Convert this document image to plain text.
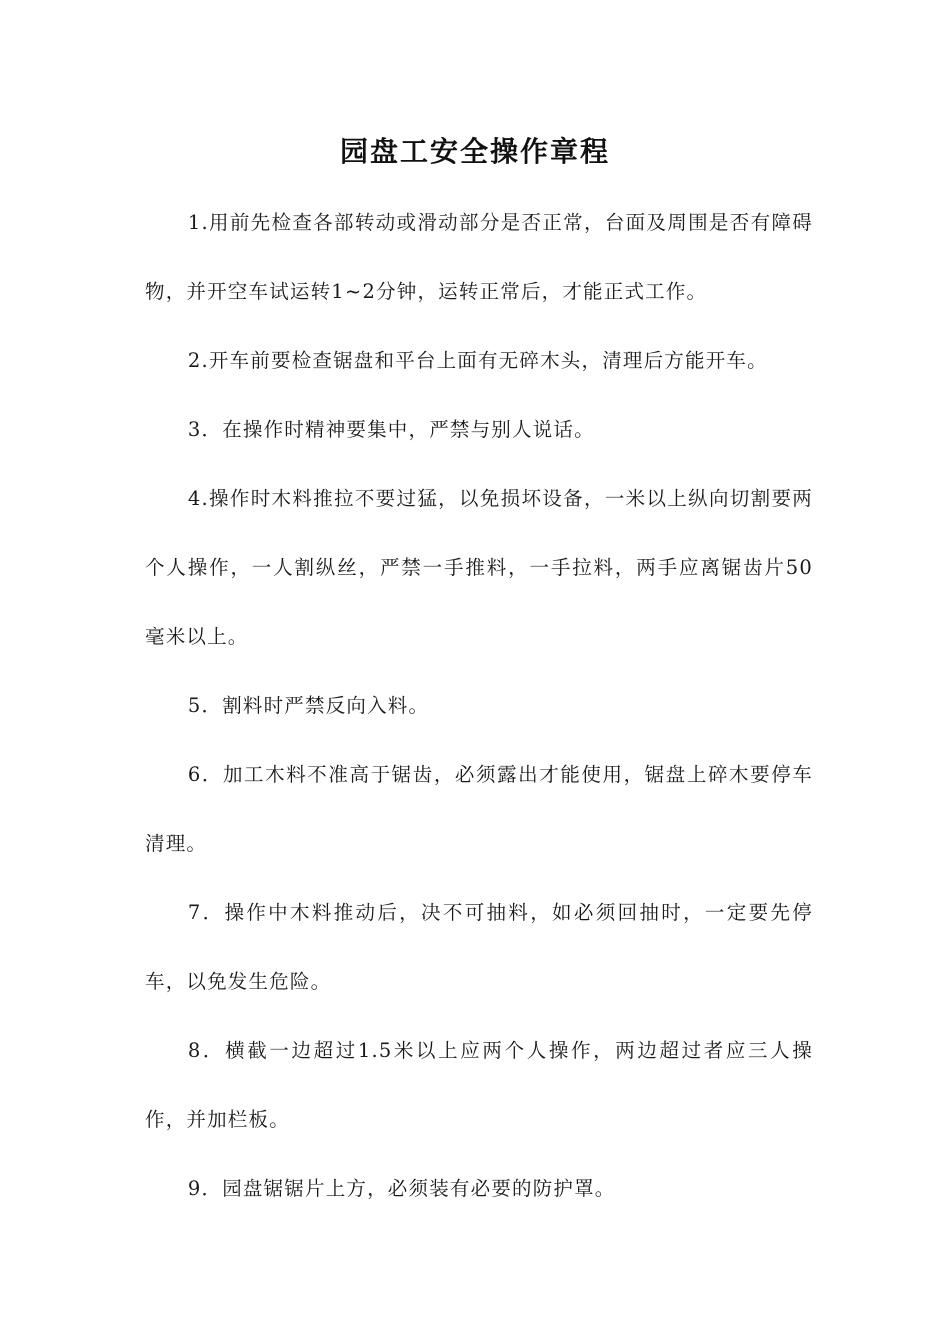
园盘工安全操作章程

1.用前先检查各部转动或滑动部分是否正常，台面及周围是否有障碍物，并开空车试运转1~2分钟，运转正常后，才能正式工作。

2.开车前要检查锯盘和平台上面有无碎木头，清理后方能开车。

3．在操作时精神要集中，严禁与别人说话。

4.操作时木料推拉不要过猛，以免损坏设备，一米以上纵向切割要两个人操作，一人割纵丝，严禁一手推料，一手拉料，两手应离锯齿片50毫米以上。

5．割料时严禁反向入料。

6．加工木料不准高于锯齿，必须露出才能使用，锯盘上碎木要停车清理。

7．操作中木料推动后，决不可抽料，如必须回抽时，一定要先停车，以免发生危险。

8．横截一边超过1.5米以上应两个人操作，两边超过者应三人操作，并加栏板。

9．园盘锯锯片上方，必须装有必要的防护罩。
